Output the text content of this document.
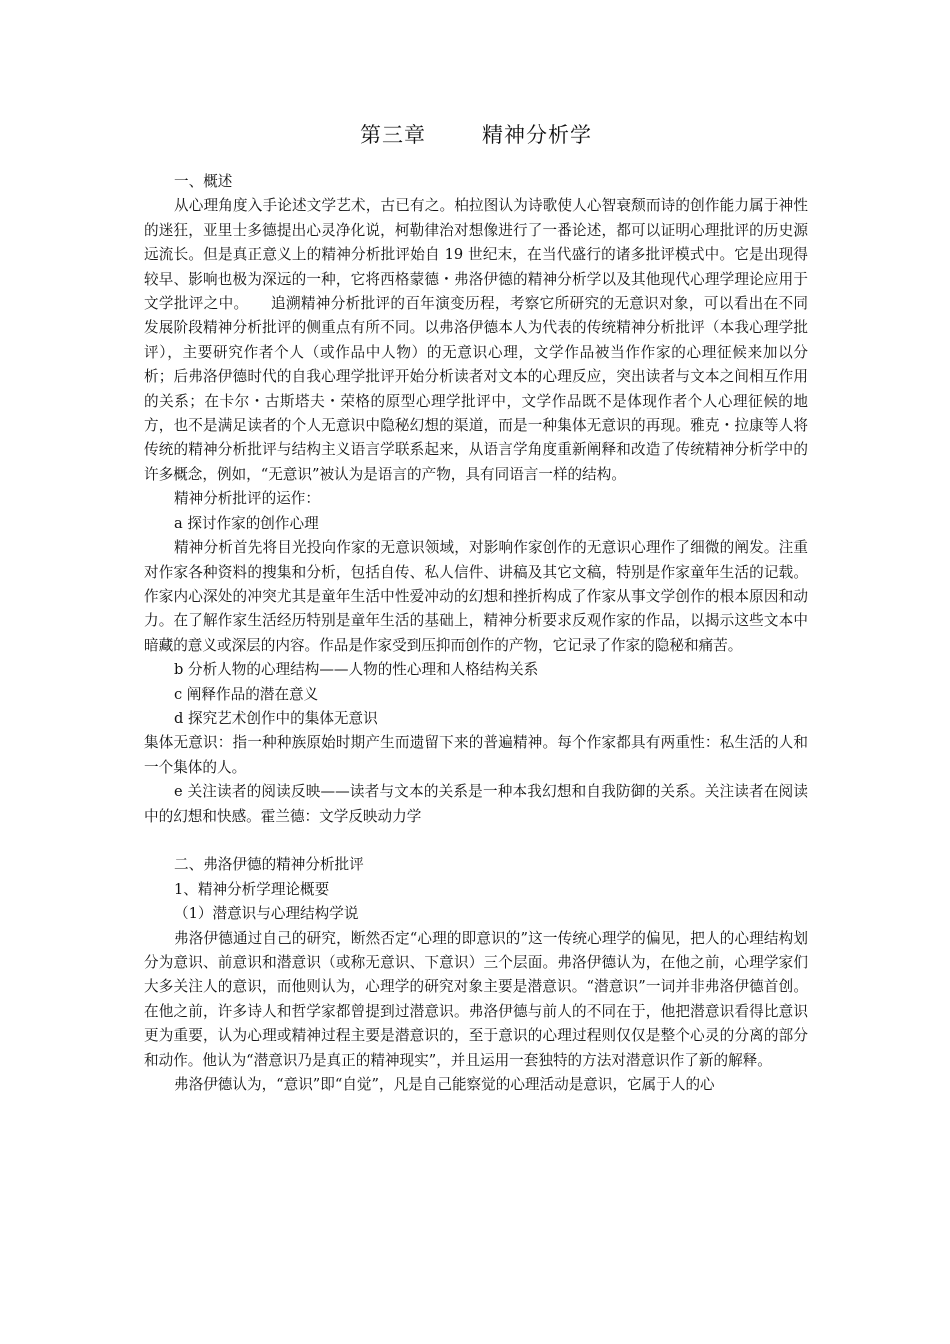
第三章	精神分析学

一、概述

从心理角度入手论述文学艺术，古已有之。柏拉图认为诗歌使人心智衰颓而诗的创作能力属于神性的迷狂，亚里士多德提出心灵净化说，柯勒律治对想像进行了一番论述，都可以证明心理批评的历史源远流长。但是真正意义上的精神分析批评始自 19 世纪末，在当代盛行的诸多批评模式中。它是出现得较早、影响也极为深远的一种，它将西格蒙德・弗洛伊德的精神分析学以及其他现代心理学理论应用于文学批评之中。　　追溯精神分析批评的百年演变历程，考察它所研究的无意识对象，可以看出在不同发展阶段精神分析批评的侧重点有所不同。以弗洛伊德本人为代表的传统精神分析批评（本我心理学批评），主要研究作者个人（或作品中人物）的无意识心理，文学作品被当作作家的心理征候来加以分析；后弗洛伊德时代的自我心理学批评开始分析读者对文本的心理反应，突出读者与文本之间相互作用的关系；在卡尔・古斯塔夫・荣格的原型心理学批评中，文学作品既不是体现作者个人心理征候的地方，也不是满足读者的个人无意识中隐秘幻想的渠道，而是一种集体无意识的再现。雅克・拉康等人将传统的精神分析批评与结构主义语言学联系起来，从语言学角度重新阐释和改造了传统精神分析学中的许多概念，例如，“无意识”被认为是语言的产物，具有同语言一样的结构。

精神分析批评的运作：

a 探讨作家的创作心理

精神分析首先将目光投向作家的无意识领域，对影响作家创作的无意识心理作了细微的阐发。注重对作家各种资料的搜集和分析，包括自传、私人信件、讲稿及其它文稿，特别是作家童年生活的记载。作家内心深处的冲突尤其是童年生活中性爱冲动的幻想和挫折构成了作家从事文学创作的根本原因和动力。在了解作家生活经历特别是童年生活的基础上，精神分析要求反观作家的作品，以揭示这些文本中暗藏的意义或深层的内容。作品是作家受到压抑而创作的产物，它记录了作家的隐秘和痛苦。

b 分析人物的心理结构——人物的性心理和人格结构关系

c 阐释作品的潜在意义

d 探究艺术创作中的集体无意识

集体无意识：指一种种族原始时期产生而遗留下来的普遍精神。每个作家都具有两重性：私生活的人和一个集体的人。

e 关注读者的阅读反映——读者与文本的关系是一种本我幻想和自我防御的关系。关注读者在阅读中的幻想和快感。霍兰德：文学反映动力学

二、弗洛伊德的精神分析批评

1、精神分析学理论概要

（1）潜意识与心理结构学说

弗洛伊德通过自己的研究，断然否定“心理的即意识的”这一传统心理学的偏见，把人的心理结构划分为意识、前意识和潜意识（或称无意识、下意识）三个层面。弗洛伊德认为，在他之前，心理学家们大多关注人的意识，而他则认为，心理学的研究对象主要是潜意识。“潜意识”一词并非弗洛伊德首创。在他之前，许多诗人和哲学家都曾提到过潜意识。弗洛伊德与前人的不同在于，他把潜意识看得比意识更为重要，认为心理或精神过程主要是潜意识的，至于意识的心理过程则仅仅是整个心灵的分离的部分和动作。他认为“潜意识乃是真正的精神现实”，并且运用一套独特的方法对潜意识作了新的解释。

弗洛伊德认为，“意识”即“自觉”，凡是自己能察觉的心理活动是意识，它属于人的心
